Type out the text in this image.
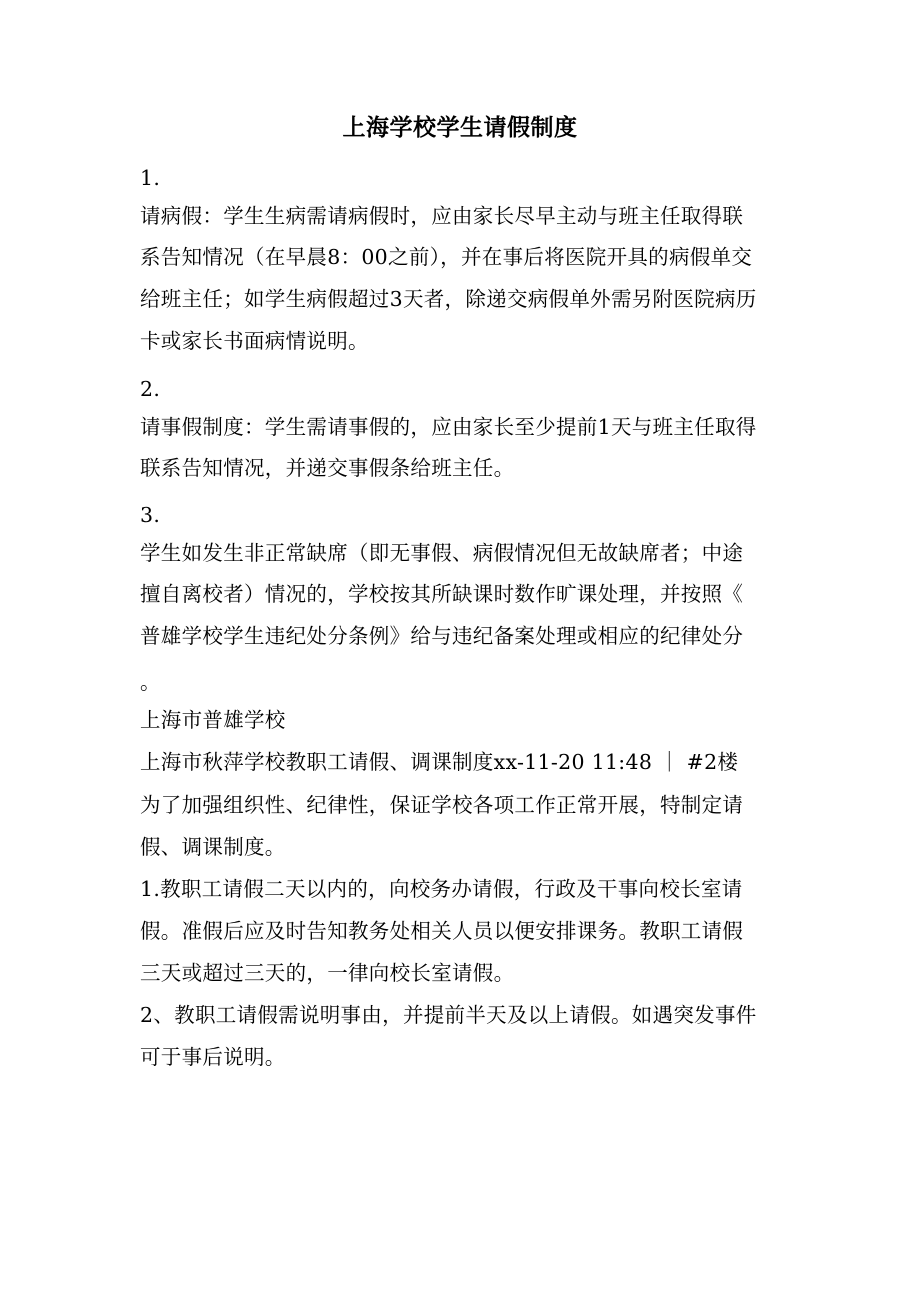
上海学校学生请假制度
1.
请病假：学生生病需请病假时，应由家长尽早主动与班主任取得联
系告知情况（在早晨8：00之前），并在事后将医院开具的病假单交
给班主任；如学生病假超过3天者，除递交病假单外需另附医院病历
卡或家长书面病情说明。
2.
请事假制度：学生需请事假的，应由家长至少提前1天与班主任取得
联系告知情况，并递交事假条给班主任。
3.
学生如发生非正常缺席（即无事假、病假情况但无故缺席者；中途
擅自离校者）情况的，学校按其所缺课时数作旷课处理，并按照《
普雄学校学生违纪处分条例》给与违纪备案处理或相应的纪律处分
。
上海市普雄学校
上海市秋萍学校教职工请假、调课制度xx-11-20 11:48 ｜ #2楼
为了加强组织性、纪律性，保证学校各项工作正常开展，特制定请
假、调课制度。
1.教职工请假二天以内的，向校务办请假，行政及干事向校长室请
假。准假后应及时告知教务处相关人员以便安排课务。教职工请假
三天或超过三天的，一律向校长室请假。
2、教职工请假需说明事由，并提前半天及以上请假。如遇突发事件
可于事后说明。
